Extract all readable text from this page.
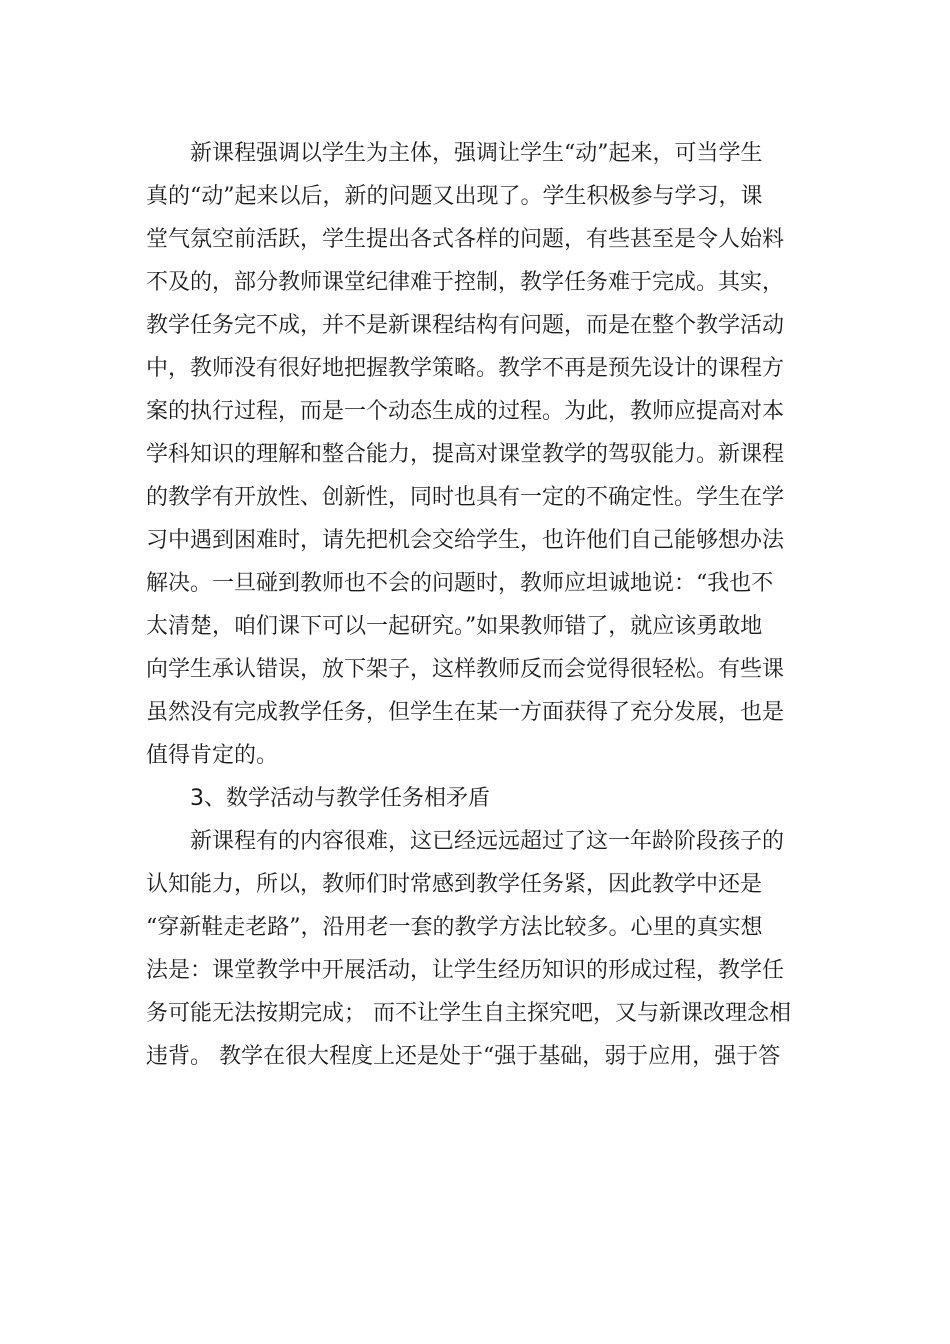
新课程强调以学生为主体，强调让学生“动”起来，可当学生
真的“动”起来以后，新的问题又出现了。学生积极参与学习，课
堂气氛空前活跃，学生提出各式各样的问题，有些甚至是令人始料
不及的，部分教师课堂纪律难于控制，教学任务难于完成。其实，
教学任务完不成，并不是新课程结构有问题，而是在整个教学活动
中，教师没有很好地把握教学策略。教学不再是预先设计的课程方
案的执行过程，而是一个动态生成的过程。为此，教师应提高对本
学科知识的理解和整合能力，提高对课堂教学的驾驭能力。新课程
的教学有开放性、创新性，同时也具有一定的不确定性。学生在学
习中遇到困难时，请先把机会交给学生，也许他们自己能够想办法
解决。一旦碰到教师也不会的问题时，教师应坦诚地说：“我也不
太清楚，咱们课下可以一起研究。”如果教师错了，就应该勇敢地
向学生承认错误，放下架子，这样教师反而会觉得很轻松。有些课
虽然没有完成教学任务，但学生在某一方面获得了充分发展，也是
值得肯定的。
3、数学活动与教学任务相矛盾
新课程有的内容很难，这已经远远超过了这一年龄阶段孩子的
认知能力，所以，教师们时常感到教学任务紧，因此教学中还是
“穿新鞋走老路”，沿用老一套的教学方法比较多。心里的真实想
法是：课堂教学中开展活动，让学生经历知识的形成过程，教学任
务可能无法按期完成； 而不让学生自主探究吧，又与新课改理念相
违背。 教学在很大程度上还是处于“强于基础，弱于应用，强于答
